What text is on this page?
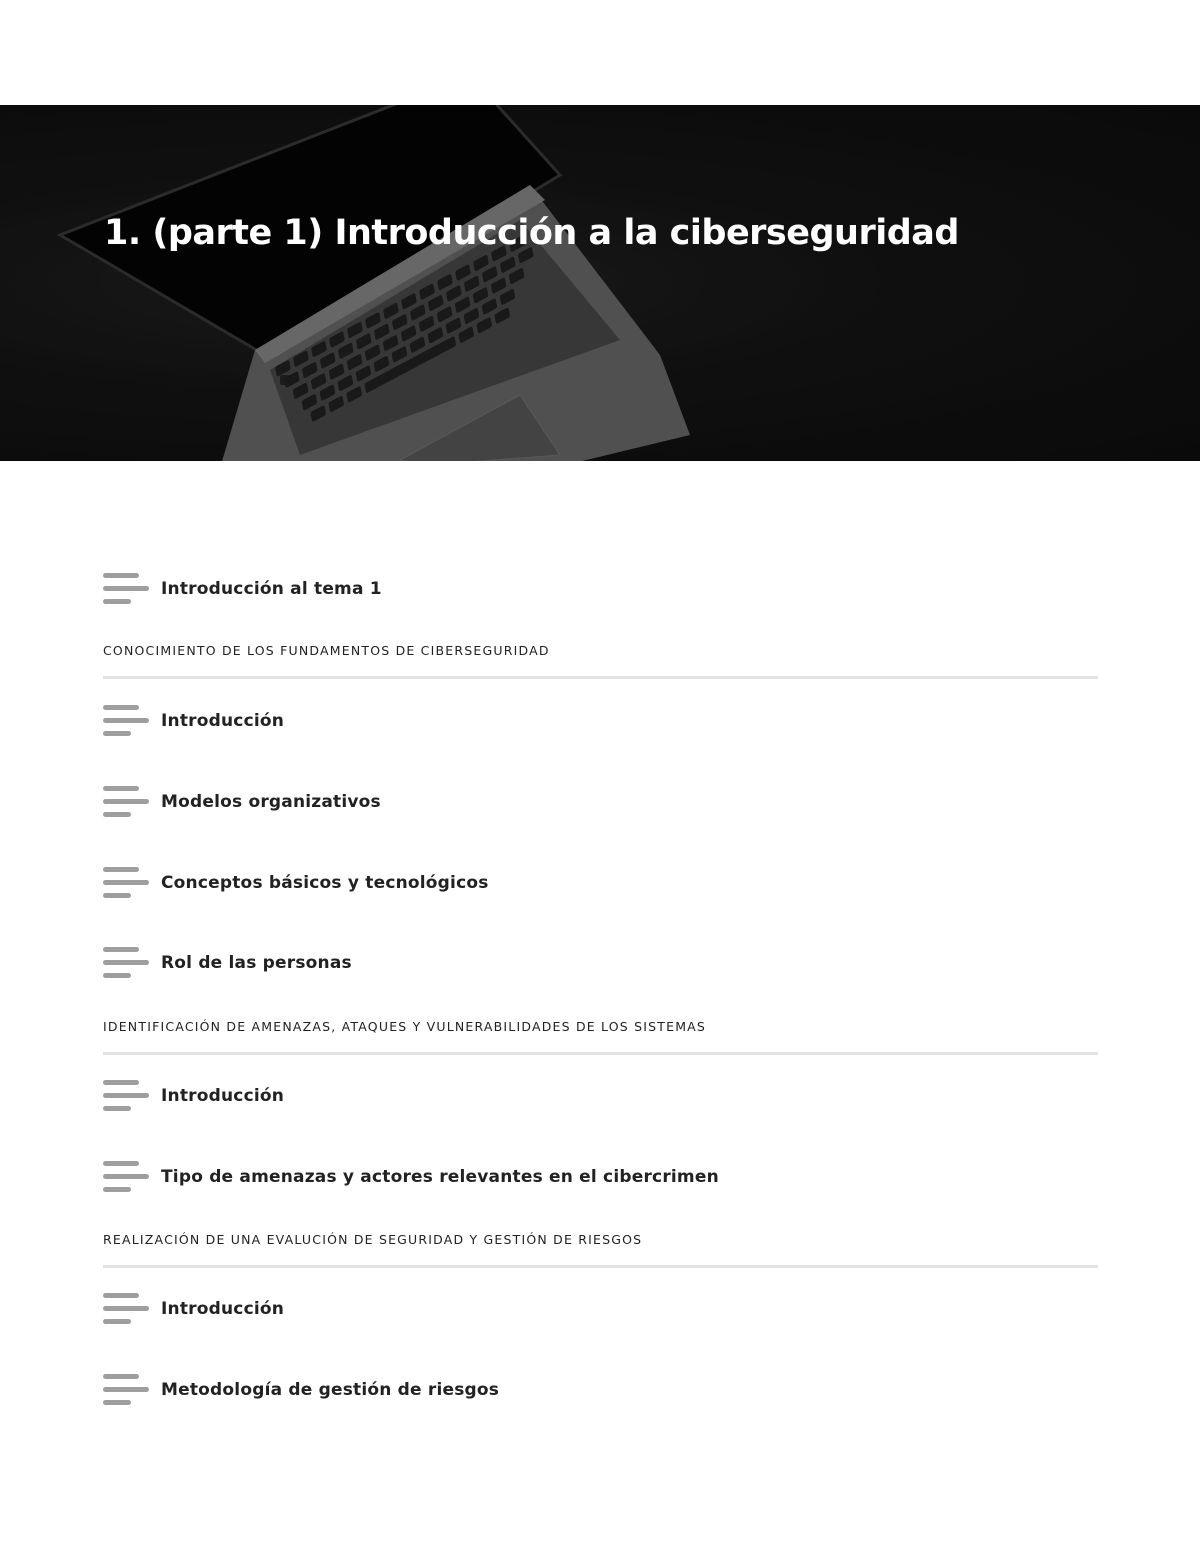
1. (parte 1) Introducción a la ciberseguridad
Introducción al tema 1
CONOCIMIENTO DE LOS FUNDAMENTOS DE CIBERSEGURIDAD
Introducción
Modelos organizativos
Conceptos básicos y tecnológicos
Rol de las personas
IDENTIFICACIÓN DE AMENAZAS, ATAQUES Y VULNERABILIDADES DE LOS SISTEMAS
Introducción
Tipo de amenazas y actores relevantes en el cibercrimen
REALIZACIÓN DE UNA EVALUCIÓN DE SEGURIDAD Y GESTIÓN DE RIESGOS
Introducción
Metodología de gestión de riesgos
